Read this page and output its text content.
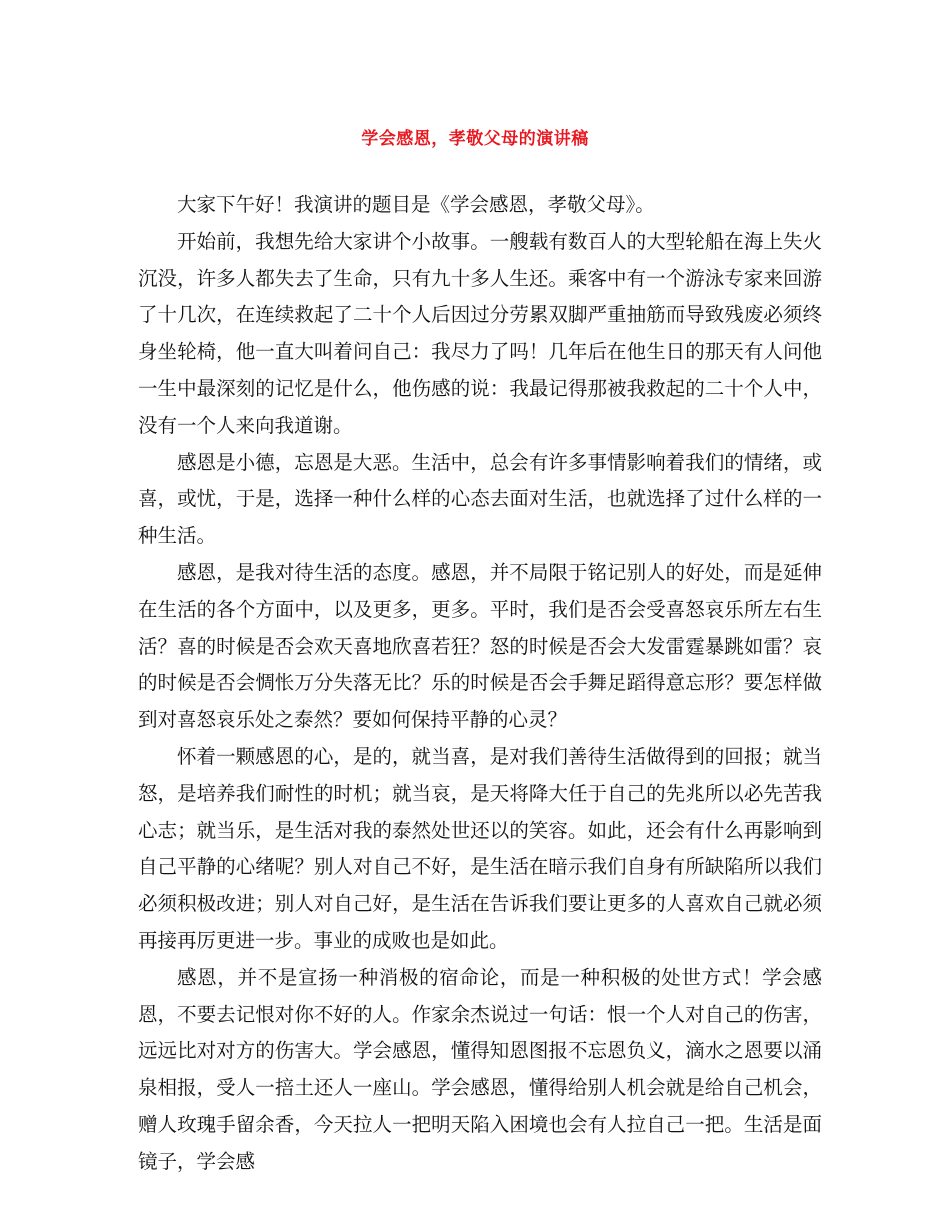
学会感恩，孝敬父母的演讲稿

大家下午好！我演讲的题目是《学会感恩，孝敬父母》。

开始前，我想先给大家讲个小故事。一艘载有数百人的大型轮船在海上失火沉没，许多人都失去了生命，只有九十多人生还。乘客中有一个游泳专家来回游了十几次，在连续救起了二十个人后因过分劳累双脚严重抽筋而导致残废必须终身坐轮椅，他一直大叫着问自己：我尽力了吗！几年后在他生日的那天有人问他一生中最深刻的记忆是什么，他伤感的说：我最记得那被我救起的二十个人中，没有一个人来向我道谢。

感恩是小德，忘恩是大恶。生活中，总会有许多事情影响着我们的情绪，或喜，或忧，于是，选择一种什么样的心态去面对生活，也就选择了过什么样的一种生活。

感恩，是我对待生活的态度。感恩，并不局限于铭记别人的好处，而是延伸在生活的各个方面中，以及更多，更多。平时，我们是否会受喜怒哀乐所左右生活？喜的时候是否会欢天喜地欣喜若狂？怒的时候是否会大发雷霆暴跳如雷？哀的时候是否会惆怅万分失落无比？乐的时候是否会手舞足蹈得意忘形？要怎样做到对喜怒哀乐处之泰然？要如何保持平静的心灵？

怀着一颗感恩的心，是的，就当喜，是对我们善待生活做得到的回报；就当怒，是培养我们耐性的时机；就当哀，是天将降大任于自己的先兆所以必先苦我心志；就当乐，是生活对我的泰然处世还以的笑容。如此，还会有什么再影响到自己平静的心绪呢？别人对自己不好，是生活在暗示我们自身有所缺陷所以我们必须积极改进；别人对自己好，是生活在告诉我们要让更多的人喜欢自己就必须再接再厉更进一步。事业的成败也是如此。

感恩，并不是宣扬一种消极的宿命论，而是一种积极的处世方式！学会感恩，不要去记恨对你不好的人。作家余杰说过一句话：恨一个人对自己的伤害，远远比对对方的伤害大。学会感恩，懂得知恩图报不忘恩负义，滴水之恩要以涌泉相报，受人一掊土还人一座山。学会感恩，懂得给别人机会就是给自己机会，赠人玫瑰手留余香，今天拉人一把明天陷入困境也会有人拉自己一把。生活是面镜子，学会感
